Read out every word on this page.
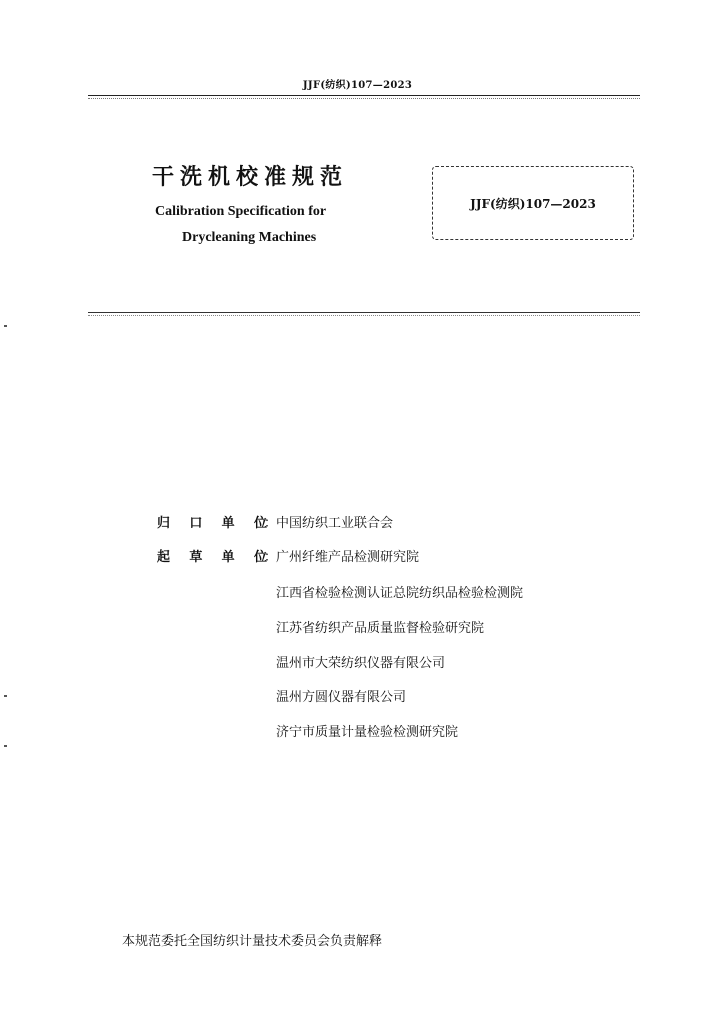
JJF(纺织)107—2023
干洗机校准规范
Calibration Specification for
Drycleaning Machines
JJF(纺织)107—2023
归 口 单 位
：
中国纺织工业联合会
起 草 单 位
：
广州纤维产品检测研究院
江西省检验检测认证总院纺织品检验检测院
江苏省纺织产品质量监督检验研究院
温州市大荣纺织仪器有限公司
温州方圆仪器有限公司
济宁市质量计量检验检测研究院
本规范委托全国纺织计量技术委员会负责解释
